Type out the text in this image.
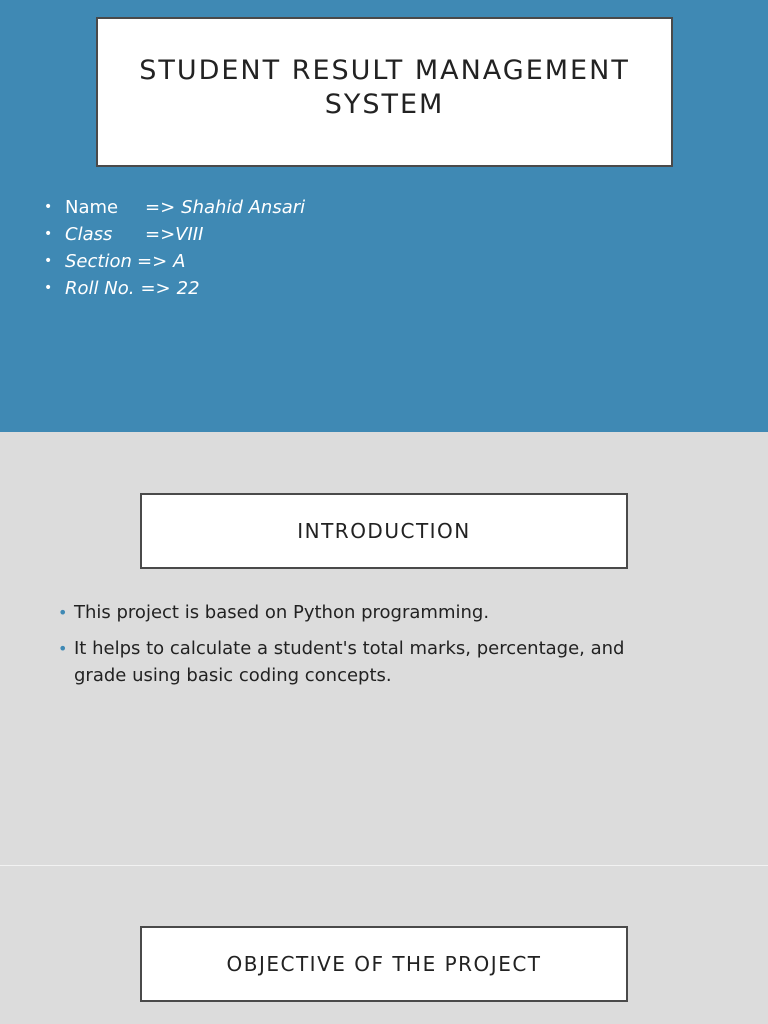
STUDENT RESULT MANAGEMENT SYSTEM
• Name	=> Shahid Ansari
• Class	=> VIII
• Section => A
• Roll No. => 22
INTRODUCTION
• This project is based on Python programming.
• It helps to calculate a student's total marks, percentage, and grade using basic coding concepts.
OBJECTIVE OF THE PROJECT
